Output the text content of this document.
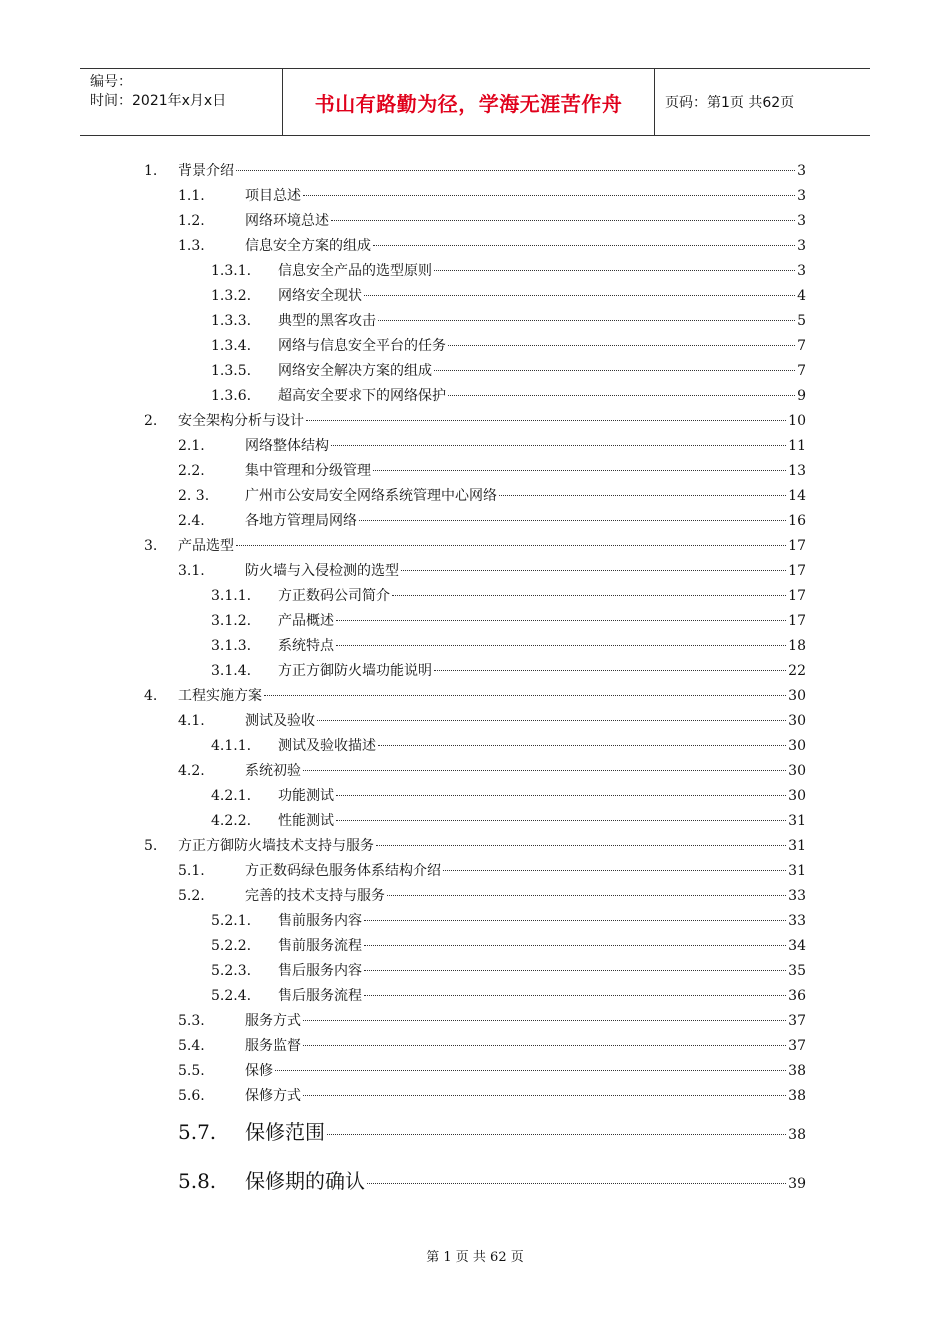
编号：
时间：2021年x月x日	书山有路勤为径，学海无涯苦作舟	页码：第1页 共62页
1.	背景介绍	3
1.1.	项目总述	3
1.2.	网络环境总述	3
1.3.	信息安全方案的组成	3
1.3.1.	信息安全产品的选型原则	3
1.3.2.	网络安全现状	4
1.3.3.	典型的黑客攻击	5
1.3.4.	网络与信息安全平台的任务	7
1.3.5.	网络安全解决方案的组成	7
1.3.6.	超高安全要求下的网络保护	9
2.	安全架构分析与设计	10
2.1.	网络整体结构	11
2.2.	集中管理和分级管理	13
2. 3.	广州市公安局安全网络系统管理中心网络	14
2.4.	各地方管理局网络	16
3.	产品选型	17
3.1.	防火墙与入侵检测的选型	17
3.1.1.	方正数码公司简介	17
3.1.2.	产品概述	17
3.1.3.	系统特点	18
3.1.4.	方正方御防火墙功能说明	22
4.	工程实施方案	30
4.1.	测试及验收	30
4.1.1.	测试及验收描述	30
4.2.	系统初验	30
4.2.1.	功能测试	30
4.2.2.	性能测试	31
5.	方正方御防火墙技术支持与服务	31
5.1.	方正数码绿色服务体系结构介绍	31
5.2.	完善的技术支持与服务	33
5.2.1.	售前服务内容	33
5.2.2.	售前服务流程	34
5.2.3.	售后服务内容	35
5.2.4.	售后服务流程	36
5.3.	服务方式	37
5.4.	服务监督	37
5.5.	保修	38
5.6.	保修方式	38
5.7.	保修范围	38
5.8.	保修期的确认	39
第 1 页 共 62 页
